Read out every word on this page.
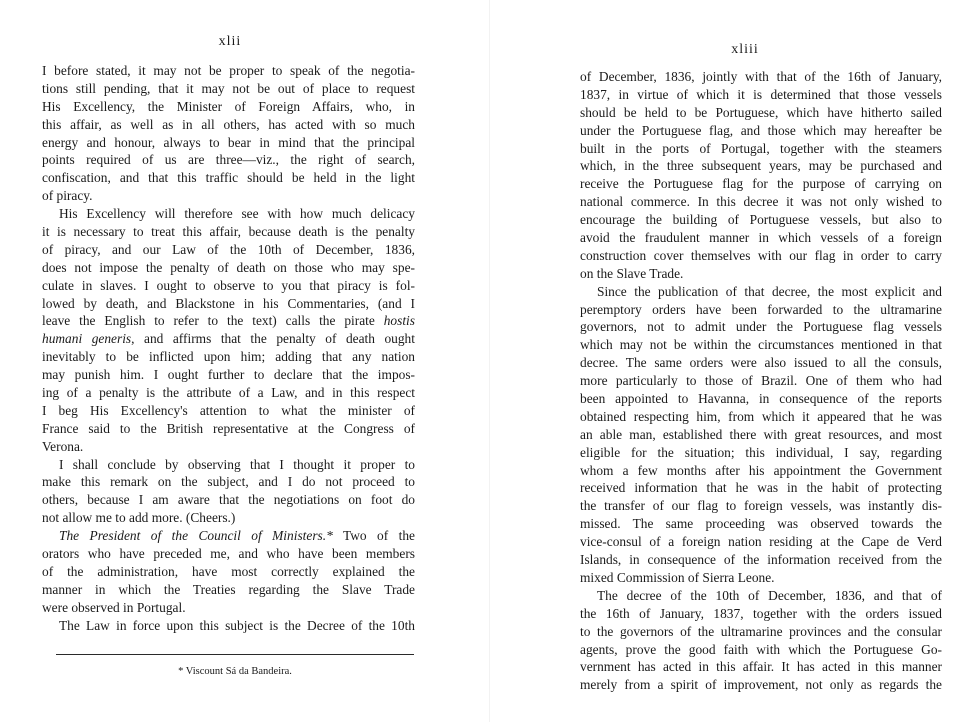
xlii
I before stated, it may not be proper to speak of the negotia-
tions still pending, that it may not be out of place to request
His Excellency, the Minister of Foreign Affairs, who, in
this affair, as well as in all others, has acted with so much
energy and honour, always to bear in mind that the principal
points required of us are three—viz., the right of search,
confiscation, and that this traffic should be held in the light
of piracy.
His Excellency will therefore see with how much delicacy
it is necessary to treat this affair, because death is the penalty
of piracy, and our Law of the 10th of December, 1836,
does not impose the penalty of death on those who may spe-
culate in slaves. I ought to observe to you that piracy is fol-
lowed by death, and Blackstone in his Commentaries, (and I
leave the English to refer to the text) calls the pirate hostis
humani generis, and affirms that the penalty of death ought
inevitably to be inflicted upon him; adding that any nation
may punish him. I ought further to declare that the impos-
ing of a penalty is the attribute of a Law, and in this respect
I beg His Excellency's attention to what the minister of
France said to the British representative at the Congress of
Verona.
I shall conclude by observing that I thought it proper to
make this remark on the subject, and I do not proceed to
others, because I am aware that the negotiations on foot do
not allow me to add more. (Cheers.)
The President of the Council of Ministers.* Two of the
orators who have preceded me, and who have been members
of the administration, have most correctly explained the
manner in which the Treaties regarding the Slave Trade
were observed in Portugal.
The Law in force upon this subject is the Decree of the 10th
* Viscount Sá da Bandeira.
xliii
of December, 1836, jointly with that of the 16th of January,
1837, in virtue of which it is determined that those vessels
should be held to be Portuguese, which have hitherto sailed
under the Portuguese flag, and those which may hereafter be
built in the ports of Portugal, together with the steamers
which, in the three subsequent years, may be purchased and
receive the Portuguese flag for the purpose of carrying on
national commerce. In this decree it was not only wished to
encourage the building of Portuguese vessels, but also to
avoid the fraudulent manner in which vessels of a foreign
construction cover themselves with our flag in order to carry
on the Slave Trade.
Since the publication of that decree, the most explicit and
peremptory orders have been forwarded to the ultramarine
governors, not to admit under the Portuguese flag vessels
which may not be within the circumstances mentioned in that
decree. The same orders were also issued to all the consuls,
more particularly to those of Brazil. One of them who had
been appointed to Havanna, in consequence of the reports
obtained respecting him, from which it appeared that he was
an able man, established there with great resources, and most
eligible for the situation; this individual, I say, regarding
whom a few months after his appointment the Government
received information that he was in the habit of protecting
the transfer of our flag to foreign vessels, was instantly dis-
missed. The same proceeding was observed towards the
vice-consul of a foreign nation residing at the Cape de Verd
Islands, in consequence of the information received from the
mixed Commission of Sierra Leone.
The decree of the 10th of December, 1836, and that of
the 16th of January, 1837, together with the orders issued
to the governors of the ultramarine provinces and the consular
agents, prove the good faith with which the Portuguese Go-
vernment has acted in this affair. It has acted in this manner
merely from a spirit of improvement, not only as regards the
